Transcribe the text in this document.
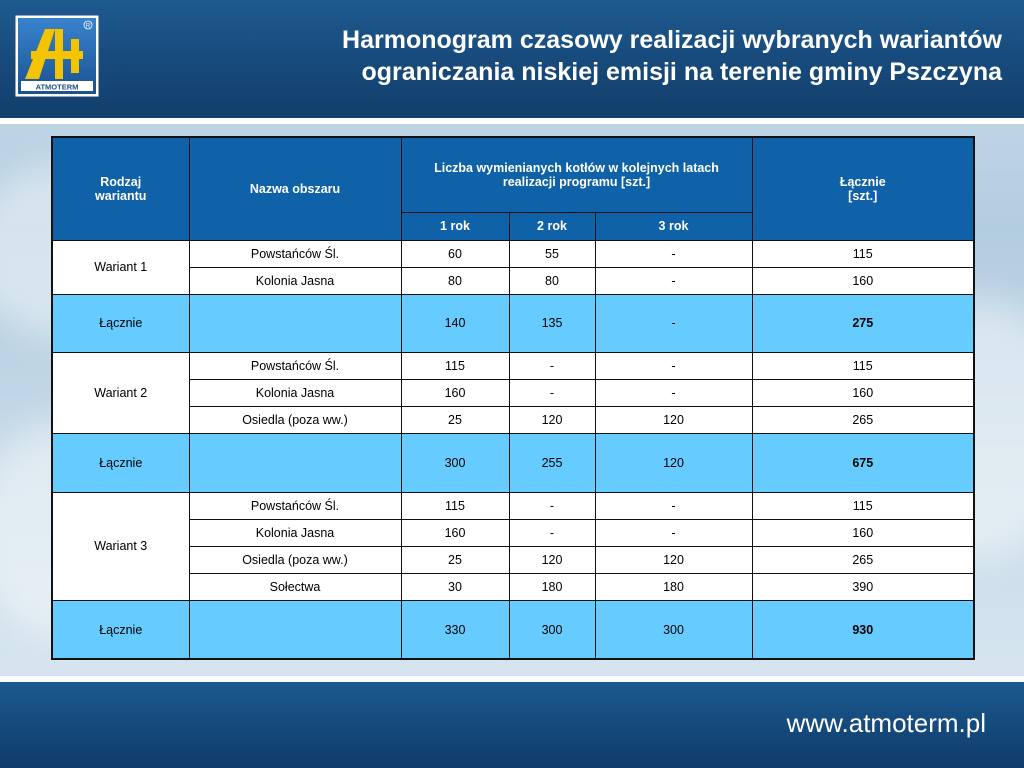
ATMOTERM
R	Harmonogram czasowy realizacji wybranych wariantów
ograniczania niskiej emisji na terenie gminy Pszczyna
Rodzaj wariantu	Nazwa obszaru	Liczba wymienianych kotłów w kolejnych latach realizacji programu [szt.]			Łącznie [szt.]
		1 rok	2 rok	3 rok	
Wariant 1	Powstańców Śl.	60	55	-	115
	Kolonia Jasna	80	80	-	160
Łącznie		140	135	-	275
Wariant 2	Powstańców Śl.	115	-	-	115
	Kolonia Jasna	160	-	-	160
	Osiedla (poza ww.)	25	120	120	265
Łącznie		300	255	120	675
Wariant 3	Powstańców Śl.	115	-	-	115
	Kolonia Jasna	160	-	-	160
	Osiedla (poza ww.)	25	120	120	265
	Sołectwa	30	180	180	390
Łącznie		330	300	300	930
www.atmoterm.pl
